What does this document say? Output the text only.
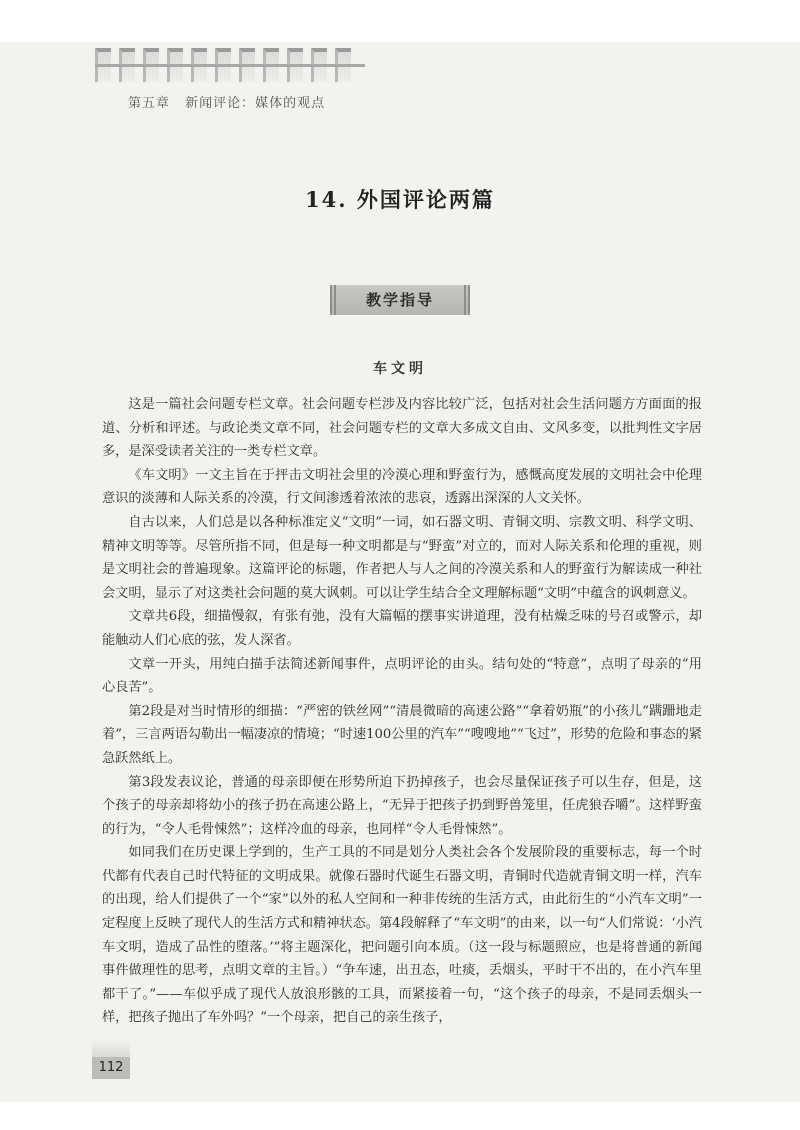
第五章 新闻评论：媒体的观点
14. 外国评论两篇
教学指导
车文明

这是一篇社会问题专栏文章。社会问题专栏涉及内容比较广泛，包括对社会生活问题方方面面的报道、分析和评述。与政论类文章不同，社会问题专栏的文章大多成文自由、文风多变，以批判性文字居多，是深受读者关注的一类专栏文章。

《车文明》一文主旨在于抨击文明社会里的冷漠心理和野蛮行为，感慨高度发展的文明社会中伦理意识的淡薄和人际关系的冷漠，行文间渗透着浓浓的悲哀，透露出深深的人文关怀。

自古以来，人们总是以各种标准定义“文明”一词，如石器文明、青铜文明、宗教文明、科学文明、精神文明等等。尽管所指不同，但是每一种文明都是与“野蛮”对立的，而对人际关系和伦理的重视，则是文明社会的普遍现象。这篇评论的标题，作者把人与人之间的冷漠关系和人的野蛮行为解读成一种社会文明，显示了对这类社会问题的莫大讽刺。可以让学生结合全文理解标题“文明”中蕴含的讽刺意义。

文章共6段，细描慢叙，有张有弛，没有大篇幅的摆事实讲道理，没有枯燥乏味的号召或警示，却能触动人们心底的弦，发人深省。

文章一开头，用纯白描手法简述新闻事件，点明评论的由头。结句处的“特意”，点明了母亲的“用心良苦”。

第2段是对当时情形的细描：“严密的铁丝网”“清晨微暗的高速公路”“拿着奶瓶”的小孩儿“蹒跚地走着”，三言两语勾勒出一幅凄凉的情境；“时速100公里的汽车”“嗖嗖地”“飞过”，形势的危险和事态的紧急跃然纸上。

第3段发表议论，普通的母亲即便在形势所迫下扔掉孩子，也会尽量保证孩子可以生存，但是，这个孩子的母亲却将幼小的孩子扔在高速公路上，“无异于把孩子扔到野兽笼里，任虎狼吞嚼”。这样野蛮的行为，“令人毛骨悚然”；这样冷血的母亲，也同样“令人毛骨悚然”。

如同我们在历史课上学到的，生产工具的不同是划分人类社会各个发展阶段的重要标志，每一个时代都有代表自己时代特征的文明成果。就像石器时代诞生石器文明，青铜时代造就青铜文明一样，汽车的出现，给人们提供了一个“家”以外的私人空间和一种非传统的生活方式，由此衍生的“小汽车文明”一定程度上反映了现代人的生活方式和精神状态。第4段解释了“车文明”的由来，以一句“人们常说：‘小汽车文明，造成了品性的堕落。’”将主题深化，把问题引向本质。（这一段与标题照应，也是将普通的新闻事件做理性的思考，点明文章的主旨。）“争车速，出丑态，吐痰，丢烟头，平时干不出的，在小汽车里都干了。”——车似乎成了现代人放浪形骸的工具，而紧接着一句，“这个孩子的母亲，不是同丢烟头一样，把孩子抛出了车外吗？”一个母亲，把自己的亲生孩子，

112
